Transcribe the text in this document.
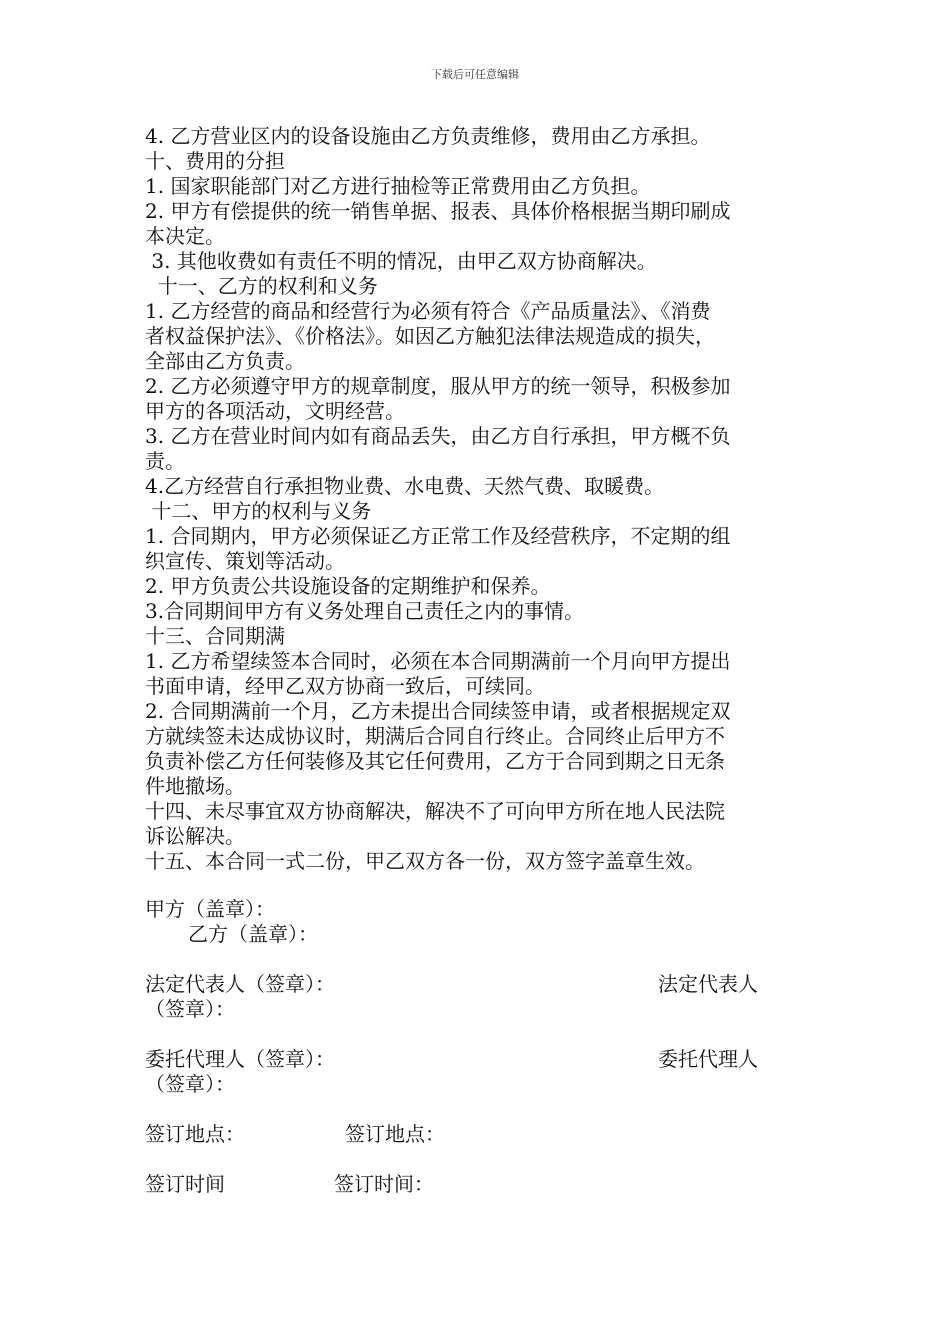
下载后可任意编辑

4. 乙方营业区内的设备设施由乙方负责维修，费用由乙方承担。

十、费用的分担

1. 国家职能部门对乙方进行抽检等正常费用由乙方负担。

2. 甲方有偿提供的统一销售单据、报表、具体价格根据当期印刷成

本决定。

3. 其他收费如有责任不明的情况，由甲乙双方协商解决。

十一、乙方的权利和义务

1. 乙方经营的商品和经营行为必须有符合《产品质量法》、《消费

者权益保护法》、《价格法》。如因乙方触犯法律法规造成的损失，

全部由乙方负责。

2. 乙方必须遵守甲方的规章制度，服从甲方的统一领导，积极参加

甲方的各项活动，文明经营。

3. 乙方在营业时间内如有商品丢失，由乙方自行承担，甲方概不负

责。

4.乙方经营自行承担物业费、水电费、天然气费、取暖费。

十二、甲方的权利与义务

1. 合同期内，甲方必须保证乙方正常工作及经营秩序，不定期的组

织宣传、策划等活动。

2. 甲方负责公共设施设备的定期维护和保养。

3.合同期间甲方有义务处理自己责任之内的事情。

十三、合同期满

1. 乙方希望续签本合同时，必须在本合同期满前一个月向甲方提出

书面申请，经甲乙双方协商一致后，可续同。

2. 合同期满前一个月，乙方未提出合同续签申请，或者根据规定双

方就续签未达成协议时，期满后合同自行终止。合同终止后甲方不

负责补偿乙方任何装修及其它任何费用，乙方于合同到期之日无条

件地撤场。

十四、未尽事宜双方协商解决，解决不了可向甲方所在地人民法院

诉讼解决。

十五、本合同一式二份，甲乙双方各一份，双方签字盖章生效。

甲方（盖章）：
乙方（盖章）：
法定代表人（签章）：	法定代表人
（签章）：
委托代理人（签章）：	委托代理人
（签章）：
签订地点：	签订地点：
签订时间	签订时间：
